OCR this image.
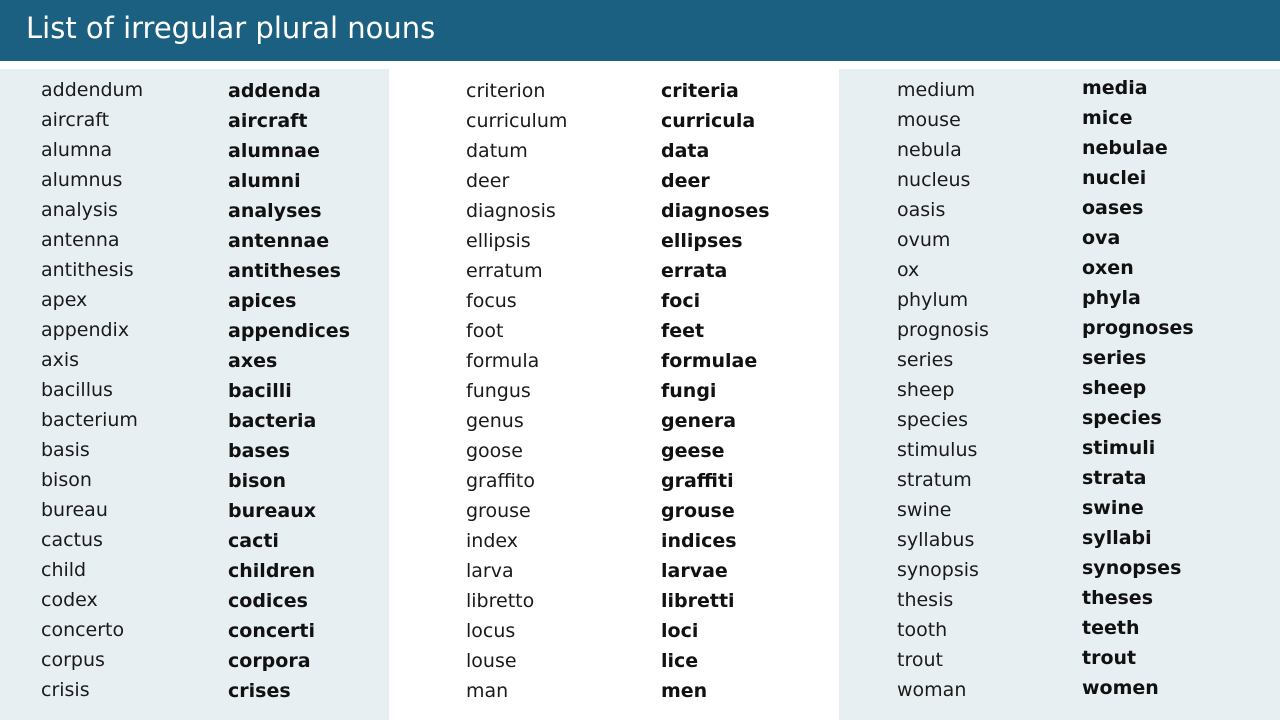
List of irregular plural nouns
addendum
aircraft
alumna
alumnus
analysis
antenna
antithesis
apex
appendix
axis
bacillus
bacterium
basis
bison
bureau
cactus
child
codex
concerto
corpus
crisis
addenda
aircraft
alumnae
alumni
analyses
antennae
antitheses
apices
appendices
axes
bacilli
bacteria
bases
bison
bureaux
cacti
children
codices
concerti
corpora
crises
criterion
curriculum
datum
deer
diagnosis
ellipsis
erratum
focus
foot
formula
fungus
genus
goose
graffito
grouse
index
larva
libretto
locus
louse
man
criteria
curricula
data
deer
diagnoses
ellipses
errata
foci
feet
formulae
fungi
genera
geese
graffiti
grouse
indices
larvae
libretti
loci
lice
men
medium
mouse
nebula
nucleus
oasis
ovum
ox
phylum
prognosis
series
sheep
species
stimulus
stratum
swine
syllabus
synopsis
thesis
tooth
trout
woman
media
mice
nebulae
nuclei
oases
ova
oxen
phyla
prognoses
series
sheep
species
stimuli
strata
swine
syllabi
synopses
theses
teeth
trout
women
